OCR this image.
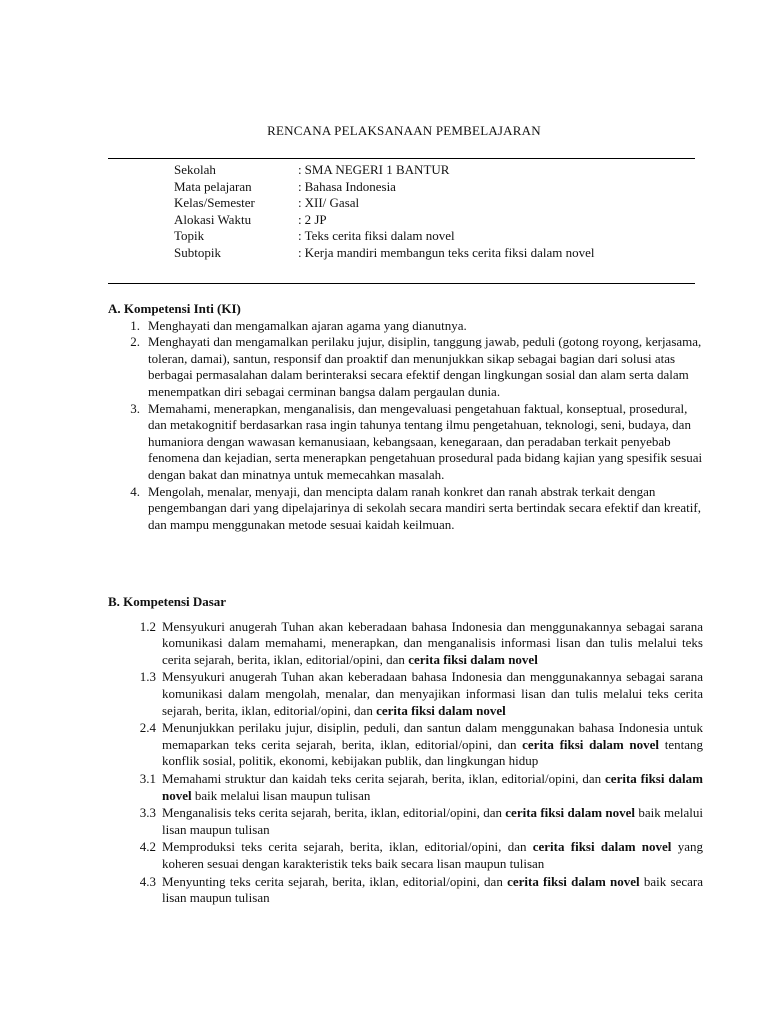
RENCANA PELAKSANAAN PEMBELAJARAN
Sekolah	: SMA NEGERI 1 BANTUR
Mata pelajaran	: Bahasa Indonesia
Kelas/Semester	: XII/ Gasal
Alokasi Waktu	: 2 JP
Topik	: Teks cerita fiksi dalam novel
Subtopik	: Kerja mandiri membangun teks cerita fiksi dalam novel
A. Kompetensi Inti (KI)
1. Menghayati dan mengamalkan ajaran agama yang dianutnya.
2. Menghayati dan mengamalkan perilaku jujur, disiplin, tanggung jawab, peduli (gotong royong, kerjasama, toleran, damai), santun, responsif dan proaktif dan menunjukkan sikap sebagai bagian dari solusi atas berbagai permasalahan dalam berinteraksi secara efektif dengan lingkungan sosial dan alam serta dalam menempatkan diri sebagai cerminan bangsa dalam pergaulan dunia.
3. Memahami, menerapkan, menganalisis, dan mengevaluasi pengetahuan faktual, konseptual, prosedural, dan metakognitif berdasarkan rasa ingin tahunya tentang ilmu pengetahuan, teknologi, seni, budaya, dan humaniora dengan wawasan kemanusiaan, kebangsaan, kenegaraan, dan peradaban terkait penyebab fenomena dan kejadian, serta menerapkan pengetahuan prosedural pada bidang kajian yang spesifik sesuai dengan bakat dan minatnya untuk memecahkan masalah.
4. Mengolah, menalar, menyaji, dan mencipta dalam ranah konkret dan ranah abstrak terkait dengan pengembangan dari yang dipelajarinya di sekolah secara mandiri serta bertindak secara efektif dan kreatif, dan mampu menggunakan metode sesuai kaidah keilmuan.
B. Kompetensi Dasar
1.2 Mensyukuri anugerah Tuhan akan keberadaan bahasa Indonesia dan menggunakannya sebagai sarana komunikasi dalam memahami, menerapkan, dan menganalisis informasi lisan dan tulis melalui teks cerita sejarah, berita, iklan, editorial/opini, dan cerita fiksi dalam novel
1.3 Mensyukuri anugerah Tuhan akan keberadaan bahasa Indonesia dan menggunakannya sebagai sarana komunikasi dalam mengolah, menalar, dan menyajikan informasi lisan dan tulis melalui teks cerita sejarah, berita, iklan, editorial/opini, dan cerita fiksi dalam novel
2.4 Menunjukkan perilaku jujur, disiplin, peduli, dan santun dalam menggunakan bahasa Indonesia untuk memaparkan teks cerita sejarah, berita, iklan, editorial/opini, dan cerita fiksi dalam novel tentang konflik sosial, politik, ekonomi, kebijakan publik, dan lingkungan hidup
3.1 Memahami struktur dan kaidah teks cerita sejarah, berita, iklan, editorial/opini, dan cerita fiksi dalam novel baik melalui lisan maupun tulisan
3.3 Menganalisis teks cerita sejarah, berita, iklan, editorial/opini, dan cerita fiksi dalam novel baik melalui lisan maupun tulisan
4.2 Memproduksi teks cerita sejarah, berita, iklan, editorial/opini, dan cerita fiksi dalam novel yang koheren sesuai dengan karakteristik teks baik secara lisan maupun tulisan
4.3 Menyunting teks cerita sejarah, berita, iklan, editorial/opini, dan cerita fiksi dalam novel baik secara lisan maupun tulisan
